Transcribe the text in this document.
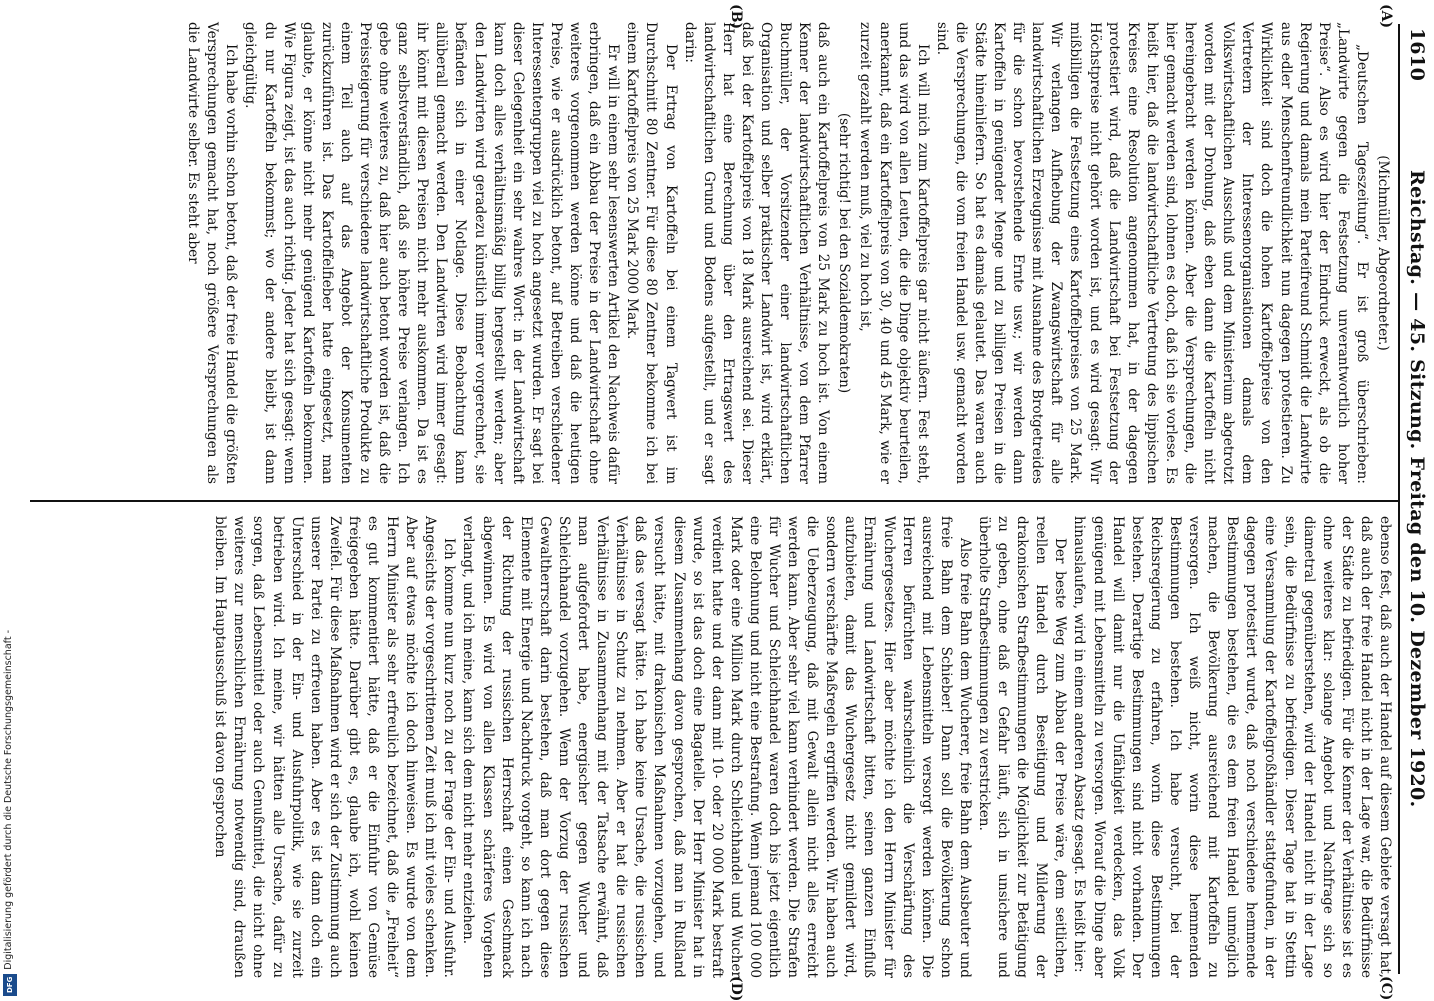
Digitalisierung gefördert durch die Deutsche Forschungsgemeinschaft -
DFG
1610
Reichstag. — 45. Sitzung. Freitag den 10. Dezember 1920.
(A)
(B)
(C)
(D)

(Michmüller, Abgeordneter.)

„Deutschen Tageszeitung“. Er ist groß überschrieben: „Landwirte gegen die Festsetzung unverantwortlich hoher Preise“. Also es wird hier der Eindruck erweckt, als ob die Regierung und damals mein Parteifreund Schmidt die Landwirte aus edler Menschenfreundlichkeit nun dagegen protestieren. Zu Wirklichkeit sind doch die hohen Kartoffelpreise von den Vertretern der Interessenorganisationen damals dem Volkswirtschaftlichen Ausschuß und dem Ministerium abgetrotzt worden mit der Drohung, daß eben dann die Kartoffeln nicht hereingebracht werden können. Aber die Versprechungen, die hier gemacht werden sind, lohnen es doch, daß ich sie vorlese. Es heißt hier, daß die landwirtschaftliche Vertretung des lippischen Kreises eine Resolution angenommen hat, in der dagegen protestiert wird, daß die Landwirtschaft bei Festsetzung der Höchstpreise nicht gehört worden ist, und es wird gesagt: Wir mißbilligen die Festsetzung eines Kartoffelpreises von 25 Mark. Wir verlangen Aufhebung der Zwangswirtschaft für alle landwirtschaftlichen Erzeugnisse mit Ausnahme des Brotgetreides für die schon bevorstehende Ernte usw.; wir werden dann Kartoffeln in genügender Menge und zu billigen Preisen in die Städte hineinliefern. So hat es damals gelautet. Das waren auch die Versprechungen, die vom freien Handel usw. gemacht worden sind.

Ich will mich zum Kartoffelpreis gar nicht äußern. Fest steht, und das wird von allen Leuten, die die Dinge objektiv beurteilen, anerkannt, daß ein Kartoffelpreis von 30, 40 und 45 Mark, wie er zurzeit gezahlt werden muß, viel zu hoch ist,

(sehr richtig! bei den Sozialdemokraten)

daß auch ein Kartoffelpreis von 25 Mark zu hoch ist. Von einem Kenner der landwirtschaftlichen Verhältnisse, von dem Pfarrer Buchmüller, der Vorsitzender einer landwirtschaftlichen Organisation und selber praktischer Landwirt ist, wird erklärt, daß bei der Kartoffelpreis von 18 Mark ausreichend sei. Dieser Herr hat eine Berechnung über den Ertragswert des landwirtschaftlichen Grund und Bodens aufgestellt, und er sagt darin:

Der Ertrag von Kartoffeln bei einem Tagwert ist im Durchschnitt 80 Zentner. Für diese 80 Zentner bekomme ich bei einem Kartoffelpreis von 25 Mark 2000 Mark.

Er will in einem sehr lesenswerten Artikel den Nachweis dafür erbringen, daß ein Abbau der Preise in der Landwirtschaft ohne weiteres vorgenommen werden könne und daß die heutigen Preise, wie er ausdrücklich betont, auf Betreiben verschiedener Interessentengruppen viel zu hoch angesetzt wurden. Er sagt bei dieser Gelegenheit ein sehr wahres Wort: in der Landwirtschaft kann doch alles verhältnismäßig billig hergestellt werden; aber den Landwirten wird geradezu künstlich immer vorgerechnet, sie befänden sich in einer Notlage. Diese Beobachtung kann allüberall gemacht werden. Den Landwirten wird immer gesagt: ihr könnt mit diesen Preisen nicht mehr auskommen. Da ist es ganz selbstverständlich, daß sie höhere Preise verlangen. Ich gebe ohne weiteres zu, daß hier auch betont worden ist, daß die Preissteigerung für verschiedene landwirtschaftliche Produkte zu einem Teil auch auf das Angebot der Konsumenten zurückzuführen ist. Das Kartoffelfieber hatte eingesetzt, man glaubte, er könne nicht mehr genügend Kartoffeln bekommen. Wie Figura zeigt, ist das auch richtig. Jeder hat sich gesagt: wenn du nur Kartoffeln bekommst; wo der andere bleibt, ist dann gleichgültig.

Ich habe vorhin schon betont, daß der freie Handel die größten Versprechungen gemacht hat, noch größere Versprechungen als die Landwirte selber. Es steht aber

ebenso fest, daß auch der Handel auf diesem Gebiete versagt hat, daß auch der freie Handel nicht in der Lage war, die Bedürfnisse der Städte zu befriedigen. Für die Kenner der Verhältnisse ist es ohne weiteres klar: solange Angebot und Nachfrage sich so diametral gegenüberstehen, wird der Handel nicht in der Lage sein, die Bedürfnisse zu befriedigen. Dieser Tage hat in Stettin eine Versammlung der Kartoffelgroßhändler stattgefunden, in der dagegen protestiert wurde, daß noch verschiedene hemmende Bestimmungen bestehen, die es dem freien Handel unmöglich machen, die Bevölkerung ausreichend mit Kartoffeln zu versorgen. Ich weiß nicht, worin diese hemmenden Bestimmungen bestehen. Ich habe versucht, bei der Reichsregierung zu erfahren, worin diese Bestimmungen bestehen. Derartige Bestimmungen sind nicht vorhanden. Der Handel will damit nur die Unfähigkeit verdecken, das Volk genügend mit Lebensmitteln zu versorgen. Worauf die Dinge aber hinauslaufen, wird in einem anderen Absatz gesagt. Es heißt hier:

Der beste Weg zum Abbau der Preise wäre, dem seitlichen, reellen Handel durch Beseitigung und Milderung der drakonischen Strafbestimmungen die Möglichkeit zur Betätigung zu geben, ohne daß er Gefahr läuft, sich in unsichere und überholte Strafbestimmungen zu verstricken.

Also freie Bahn dem Wucherer, freie Bahn dem Ausbeuter und freie Bahn dem Schieber! Dann soll die Bevölkerung schon ausreichend mit Lebensmitteln versorgt werden können. Die Herren befürchten wahrscheinlich die Verschärfung des Wuchergesetzes. Hier aber möchte ich den Herrn Minister für Ernährung und Landwirtschaft bitten, seinen ganzen Einfluß aufzubieten, damit das Wuchergesetz nicht gemildert wird, sondern verschärfte Maßregeln ergriffen werden. Wir haben auch die Ueberzeugung, daß mit Gewalt allein nicht alles erreicht werden kann. Aber sehr viel kann verhindert werden. Die Strafen für Wucher und Schleichhandel waren doch bis jetzt eigentlich eine Belohnung und nicht eine Bestrafung. Wenn jemand 100 000 Mark oder eine Million Mark durch Schleichhandel und Wucher verdient hatte und der dann mit 10- oder 20 000 Mark bestraft wurde, so ist das doch eine Bagatelle. Der Herr Minister hat in diesem Zusammenhang davon gesprochen, daß man in Rußland versucht hätte, mit drakonischen Maßnahmen vorzugehen, und daß das versagt hätte. Ich habe keine Ursache, die russischen Verhältnisse in Schutz zu nehmen. Aber er hat die russischen Verhältnisse in Zusammenhang mit der Tatsache erwähnt, daß man aufgefordert habe, energischer gegen Wucher und Schleichhandel vorzugehen. Wenn der Vorzug der russischen Gewaltherrschaft darin bestehen, daß man dort gegen diese Elemente mit Energie und Nachdruck vorgeht, so kann ich nach der Richtung der russischen Herrschaft einen Geschmack abgewinnen. Es wird von allen Klassen schärferes Vorgehen verlangt, und ich meine, kann sich dem nicht mehr entziehen.

Ich komme nun kurz noch zu der Frage der Ein- und Ausfuhr. Angesichts der vorgeschrittenen Zeit muß ich mit vieles schenken. Aber auf etwas möchte ich doch hinweisen. Es wurde von dem Herrn Minister als sehr erfreulich bezeichnet, daß die „Freiheit“ es gut kommentiert hätte, daß er die Einfuhr von Gemüse freigegeben hätte. Darüber gibt es, glaube ich, wohl keinen Zweifel. Für diese Maßnahmen wird er sich der Zustimmung auch unserer Partei zu erfreuen haben. Aber es ist dann doch ein Unterschied in der Ein- und Ausfuhrpolitik, wie sie zurzeit betrieben wird. Ich meine, wir hätten alle Ursache, dafür zu sorgen, daß Lebensmittel oder auch Genußmittel, die nicht ohne weiteres zur menschlichen Ernährung notwendig sind, draußen bleiben. Im Hauptausschuß ist davon gesprochen
